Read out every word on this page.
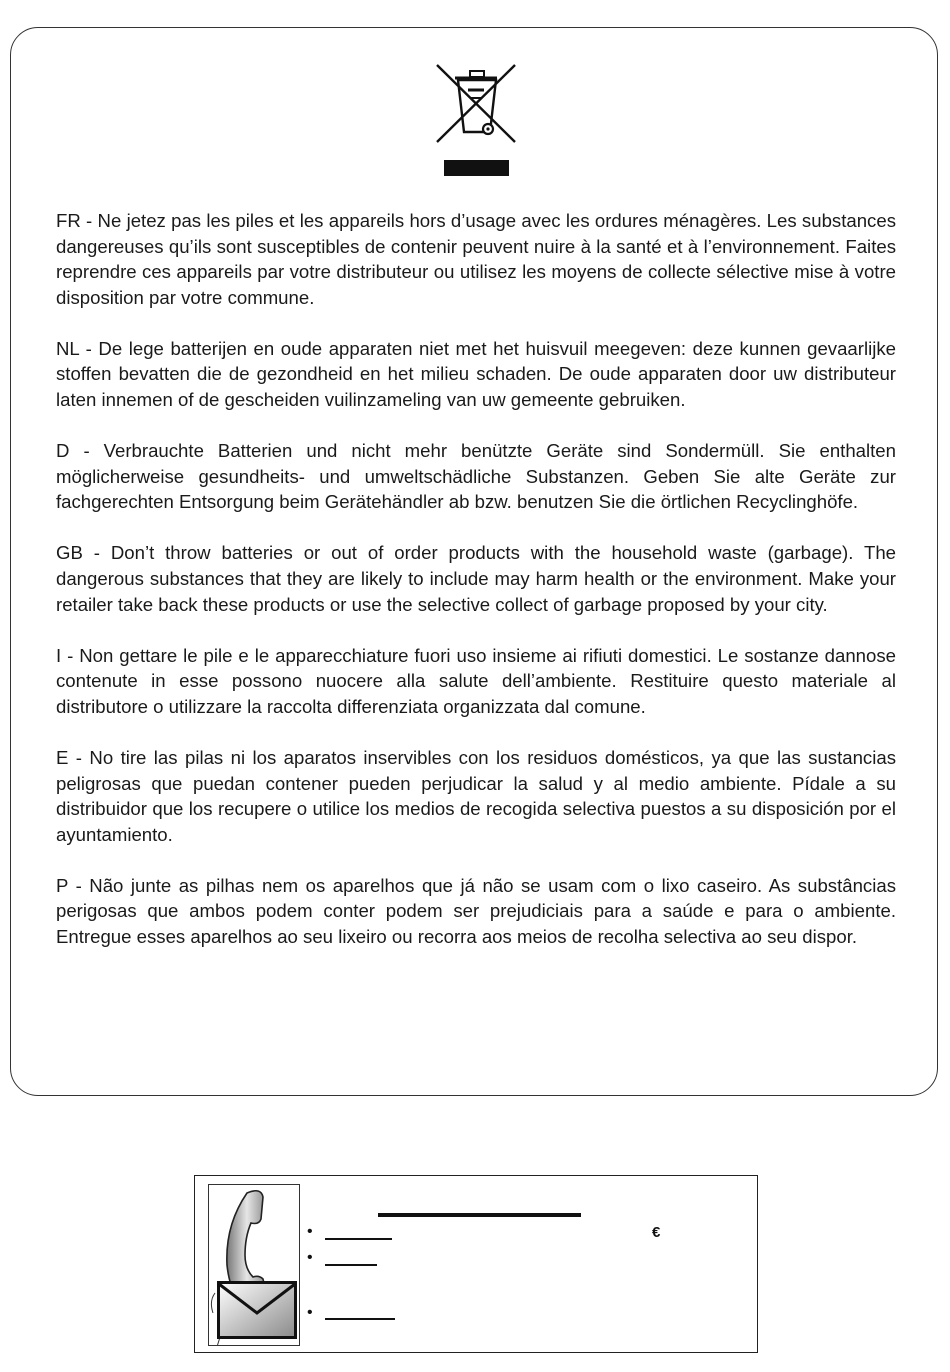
FR - Ne jetez pas les piles et les appareils hors d’usage avec les ordures ménagères. Les substances dangereuses qu’ils sont susceptibles de contenir peuvent nuire à la santé et à l’environnement. Faites reprendre ces appareils par votre distributeur ou utilisez les moyens de collecte sélective mise à votre disposition par votre commune.

NL - De lege batterijen en oude apparaten niet met het huisvuil meegeven: deze kunnen gevaarlijke stoffen bevatten die de gezondheid en het milieu schaden. De oude apparaten door uw distributeur laten innemen of de gescheiden vuilinzameling van uw gemeente gebruiken.

D - Verbrauchte Batterien und nicht mehr benützte Geräte sind Sondermüll. Sie enthalten möglicherweise gesundheits- und umweltschädliche Substanzen. Geben Sie alte Geräte zur fachgerechten Entsorgung beim Gerätehändler ab bzw. benutzen Sie die örtlichen Recyclinghöfe.

GB - Don’t throw batteries or out of order products with the household waste (garbage). The dangerous substances that they are likely to include may harm health or the environment. Make your retailer take back these products or use the selective collect of garbage proposed by your city.

I - Non gettare le pile e le apparecchiature fuori uso insieme ai rifiuti domestici. Le sostanze dannose contenute in esse possono nuocere alla salute dell’ambiente. Restituire questo materiale al distributore o utilizzare la raccolta differenziata organizzata dal comune.

E - No tire las pilas ni los aparatos inservibles con los residuos domésticos, ya que las sustancias peligrosas que puedan contener pueden perjudicar la salud y al medio ambiente. Pídale a su distribuidor que los recupere o utilice los medios de recogida selectiva puestos a su disposición por el ayuntamiento.

P - Não junte as pilhas nem os aparelhos que já não se usam com o lixo caseiro. As substâncias perigosas que ambos podem conter podem ser prejudiciais para a saúde e para o ambiente. Entregue esses aparelhos ao seu lixeiro ou recorra aos meios de recolha selectiva ao seu dispor.

•	€
•
•
